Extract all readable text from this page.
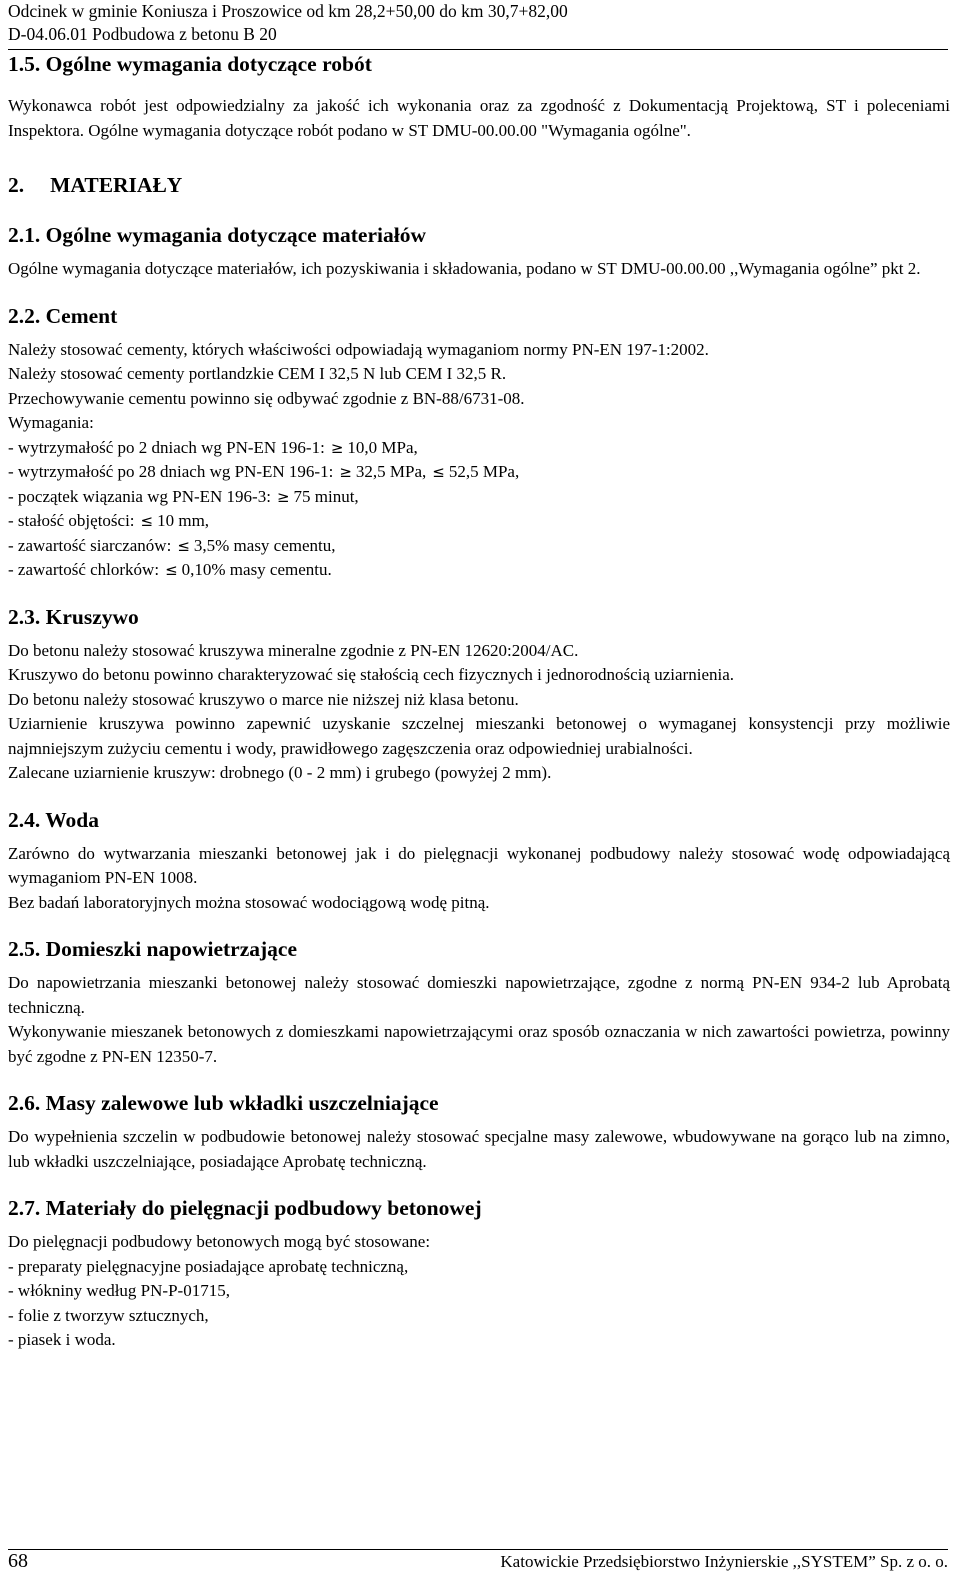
Odcinek w gminie Koniusza i Proszowice od km 28,2+50,00 do km 30,7+82,00
D-04.06.01 Podbudowa z betonu B 20
1.5. Ogólne wymagania dotyczące robót

Wykonawca robót jest odpowiedzialny za jakość ich wykonania oraz za zgodność z Dokumentacją Projektową, ST i poleceniami Inspektora. Ogólne wymagania dotyczące robót podano w ST DMU-00.00.00 "Wymagania ogólne".

2. MATERIAŁY
2.1. Ogólne wymagania dotyczące materiałów

Ogólne wymagania dotyczące materiałów, ich pozyskiwania i składowania, podano w ST DMU-00.00.00 ,,Wymagania ogólne” pkt 2.

2.2. Cement

Należy stosować cementy, których właściwości odpowiadają wymaganiom normy PN-EN 197-1:2002.

Należy stosować cementy portlandzkie CEM I 32,5 N lub CEM I 32,5 R.

Przechowywanie cementu powinno się odbywać zgodnie z BN-88/6731-08.

Wymagania:

- wytrzymałość po 2 dniach wg PN-EN 196-1: ≥ 10,0 MPa,

- wytrzymałość po 28 dniach wg PN-EN 196-1: ≥ 32,5 MPa, ≤ 52,5 MPa,

- początek wiązania wg PN-EN 196-3: ≥ 75 minut,

- stałość objętości: ≤ 10 mm,

- zawartość siarczanów: ≤ 3,5% masy cementu,

- zawartość chlorków: ≤ 0,10% masy cementu.

2.3. Kruszywo

Do betonu należy stosować kruszywa mineralne zgodnie z PN-EN 12620:2004/AC.

Kruszywo do betonu powinno charakteryzować się stałością cech fizycznych i jednorodnością uziarnienia.

Do betonu należy stosować kruszywo o marce nie niższej niż klasa betonu.

Uziarnienie kruszywa powinno zapewnić uzyskanie szczelnej mieszanki betonowej o wymaganej konsystencji przy możliwie najmniejszym zużyciu cementu i wody, prawidłowego zagęszczenia oraz odpowiedniej urabialności.

Zalecane uziarnienie kruszyw: drobnego (0 - 2 mm) i grubego (powyżej 2 mm).

2.4. Woda

Zarówno do wytwarzania mieszanki betonowej jak i do pielęgnacji wykonanej podbudowy należy stosować wodę odpowiadającą wymaganiom PN-EN 1008.

Bez badań laboratoryjnych można stosować wodociągową wodę pitną.

2.5. Domieszki napowietrzające

Do napowietrzania mieszanki betonowej należy stosować domieszki napowietrzające, zgodne z normą PN-EN 934-2 lub Aprobatą techniczną.

Wykonywanie mieszanek betonowych z domieszkami napowietrzającymi oraz sposób oznaczania w nich zawartości powietrza, powinny być zgodne z PN-EN 12350-7.

2.6. Masy zalewowe lub wkładki uszczelniające

Do wypełnienia szczelin w podbudowie betonowej należy stosować specjalne masy zalewowe, wbudowywane na gorąco lub na zimno, lub wkładki uszczelniające, posiadające Aprobatę techniczną.

2.7. Materiały do pielęgnacji podbudowy betonowej

Do pielęgnacji podbudowy betonowych mogą być stosowane:

- preparaty pielęgnacyjne posiadające aprobatę techniczną,

- włókniny według PN-P-01715,

- folie z tworzyw sztucznych,

- piasek i woda.

68	Katowickie Przedsiębiorstwo Inżynierskie ,,SYSTEM” Sp. z o. o.
